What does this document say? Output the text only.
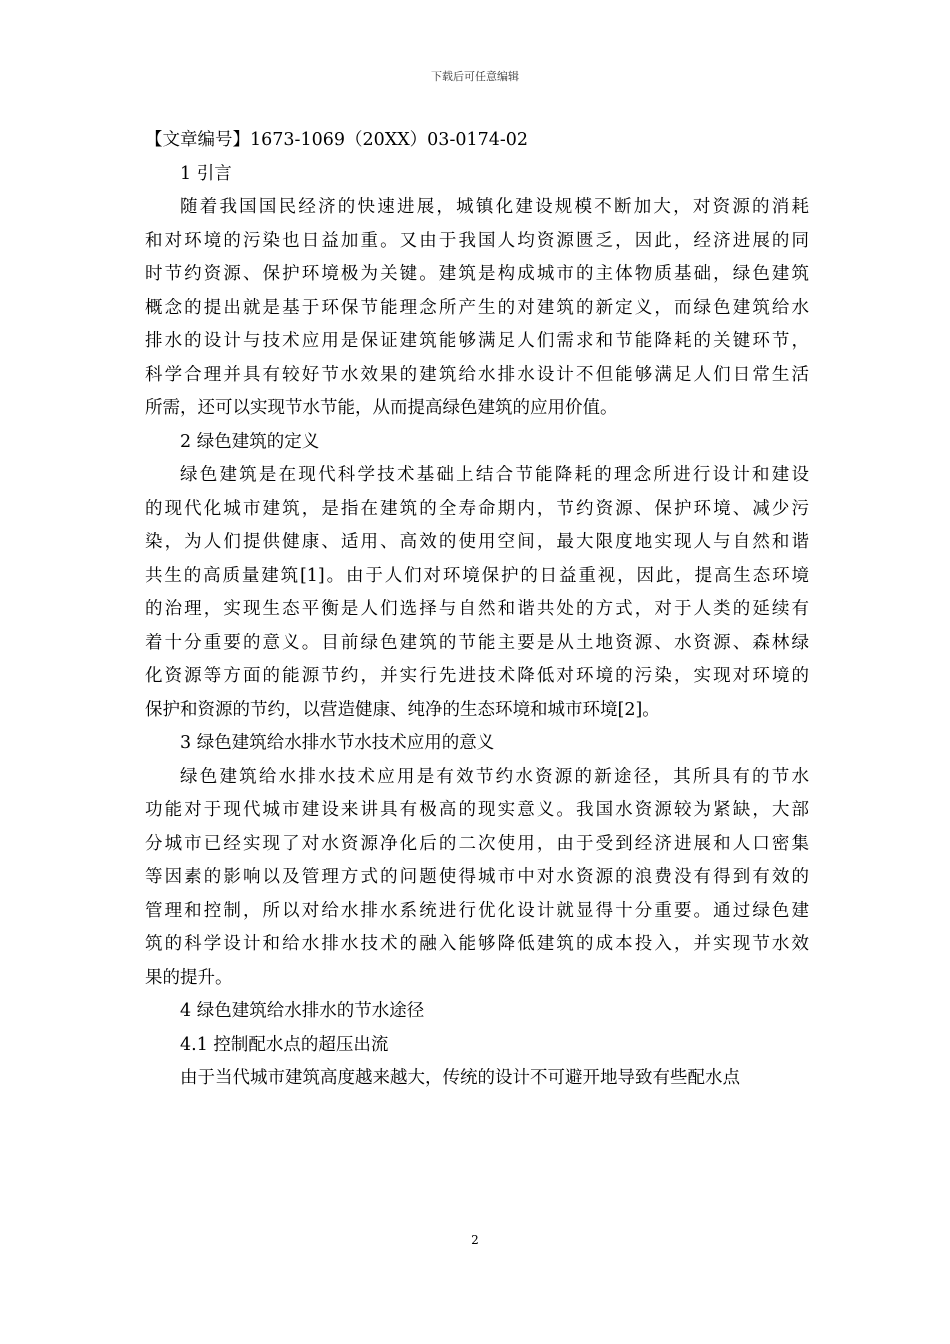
下载后可任意编辑
【文章编号】1673-1069（20XX）03-0174-02
1 引言
随着我国国民经济的快速进展，城镇化建设规模不断加大，对资源的消耗
和对环境的污染也日益加重。又由于我国人均资源匮乏，因此，经济进展的同
时节约资源、保护环境极为关键。建筑是构成城市的主体物质基础，绿色建筑
概念的提出就是基于环保节能理念所产生的对建筑的新定义，而绿色建筑给水
排水的设计与技术应用是保证建筑能够满足人们需求和节能降耗的关键环节，
科学合理并具有较好节水效果的建筑给水排水设计不但能够满足人们日常生活
所需，还可以实现节水节能，从而提高绿色建筑的应用价值。
2 绿色建筑的定义
绿色建筑是在现代科学技术基础上结合节能降耗的理念所进行设计和建设
的现代化城市建筑，是指在建筑的全寿命期内，节约资源、保护环境、减少污
染，为人们提供健康、适用、高效的使用空间，最大限度地实现人与自然和谐
共生的高质量建筑[1]。由于人们对环境保护的日益重视，因此，提高生态环境
的治理，实现生态平衡是人们选择与自然和谐共处的方式，对于人类的延续有
着十分重要的意义。目前绿色建筑的节能主要是从土地资源、水资源、森林绿
化资源等方面的能源节约，并实行先进技术降低对环境的污染，实现对环境的
保护和资源的节约，以营造健康、纯净的生态环境和城市环境[2]。
3 绿色建筑给水排水节水技术应用的意义
绿色建筑给水排水技术应用是有效节约水资源的新途径，其所具有的节水
功能对于现代城市建设来讲具有极高的现实意义。我国水资源较为紧缺，大部
分城市已经实现了对水资源净化后的二次使用，由于受到经济进展和人口密集
等因素的影响以及管理方式的问题使得城市中对水资源的浪费没有得到有效的
管理和控制，所以对给水排水系统进行优化设计就显得十分重要。通过绿色建
筑的科学设计和给水排水技术的融入能够降低建筑的成本投入，并实现节水效
果的提升。
4 绿色建筑给水排水的节水途径
4.1 控制配水点的超压出流
由于当代城市建筑高度越来越大，传统的设计不可避开地导致有些配水点
2
